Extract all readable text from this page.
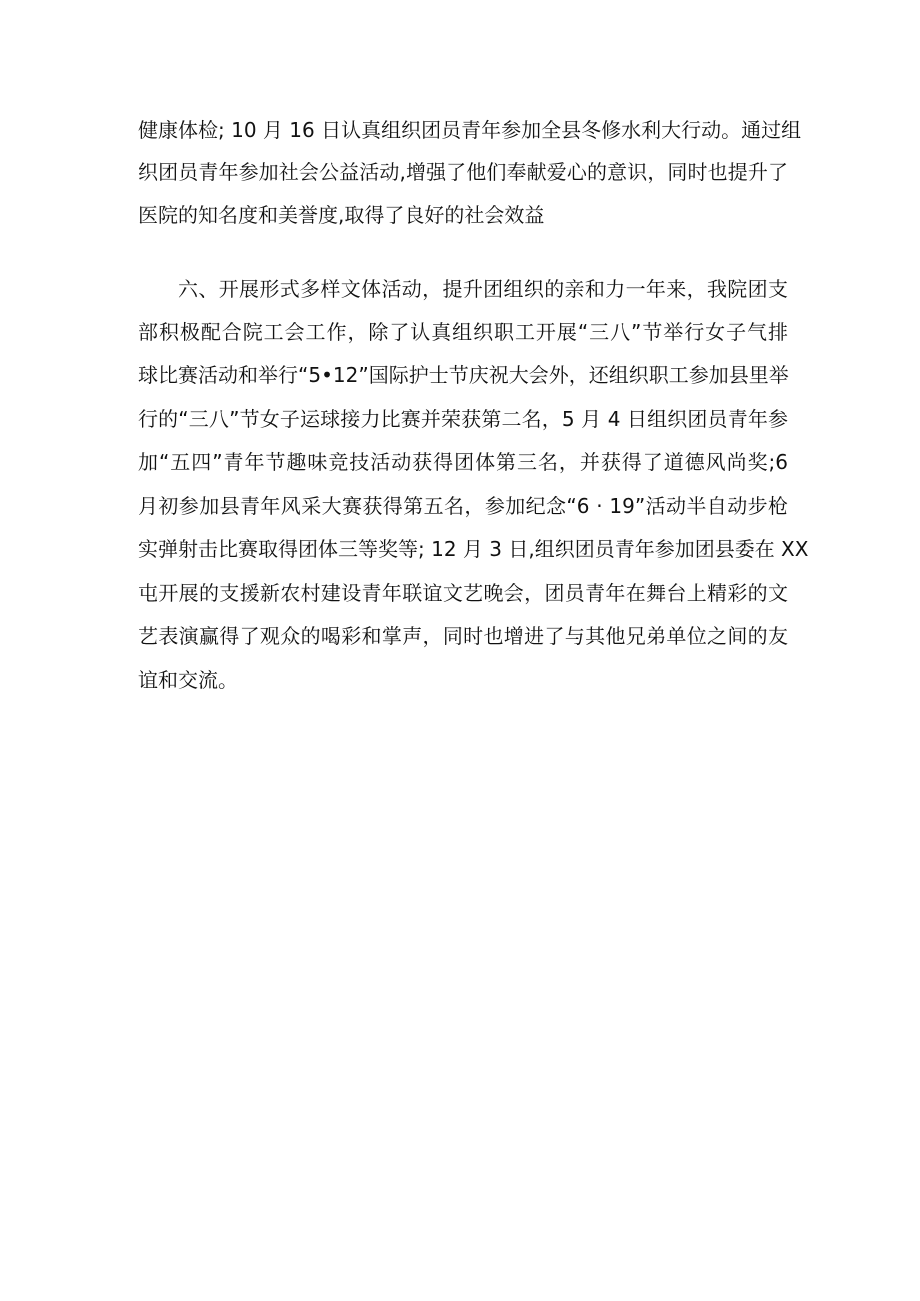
健康体检; 10 月 16 日认真组织团员青年参加全县冬修水利大行动。通过组
织团员青年参加社会公益活动,增强了他们奉献爱心的意识，同时也提升了
医院的知名度和美誉度,取得了良好的社会效益
六、开展形式多样文体活动，提升团组织的亲和力一年来，我院团支
部积极配合院工会工作，除了认真组织职工开展“三八”节举行女子气排
球比赛活动和举行“5•12”国际护士节庆祝大会外，还组织职工参加县里举
行的“三八”节女子运球接力比赛并荣获第二名，5 月 4 日组织团员青年参
加“五四”青年节趣味竞技活动获得团体第三名，并获得了道德风尚奖;6
月初参加县青年风采大赛获得第五名，参加纪念“6 · 19”活动半自动步枪
实弹射击比赛取得团体三等奖等; 12 月 3 日,组织团员青年参加团县委在 XX
屯开展的支援新农村建设青年联谊文艺晚会，团员青年在舞台上精彩的文
艺表演赢得了观众的喝彩和掌声，同时也增进了与其他兄弟单位之间的友
谊和交流。
